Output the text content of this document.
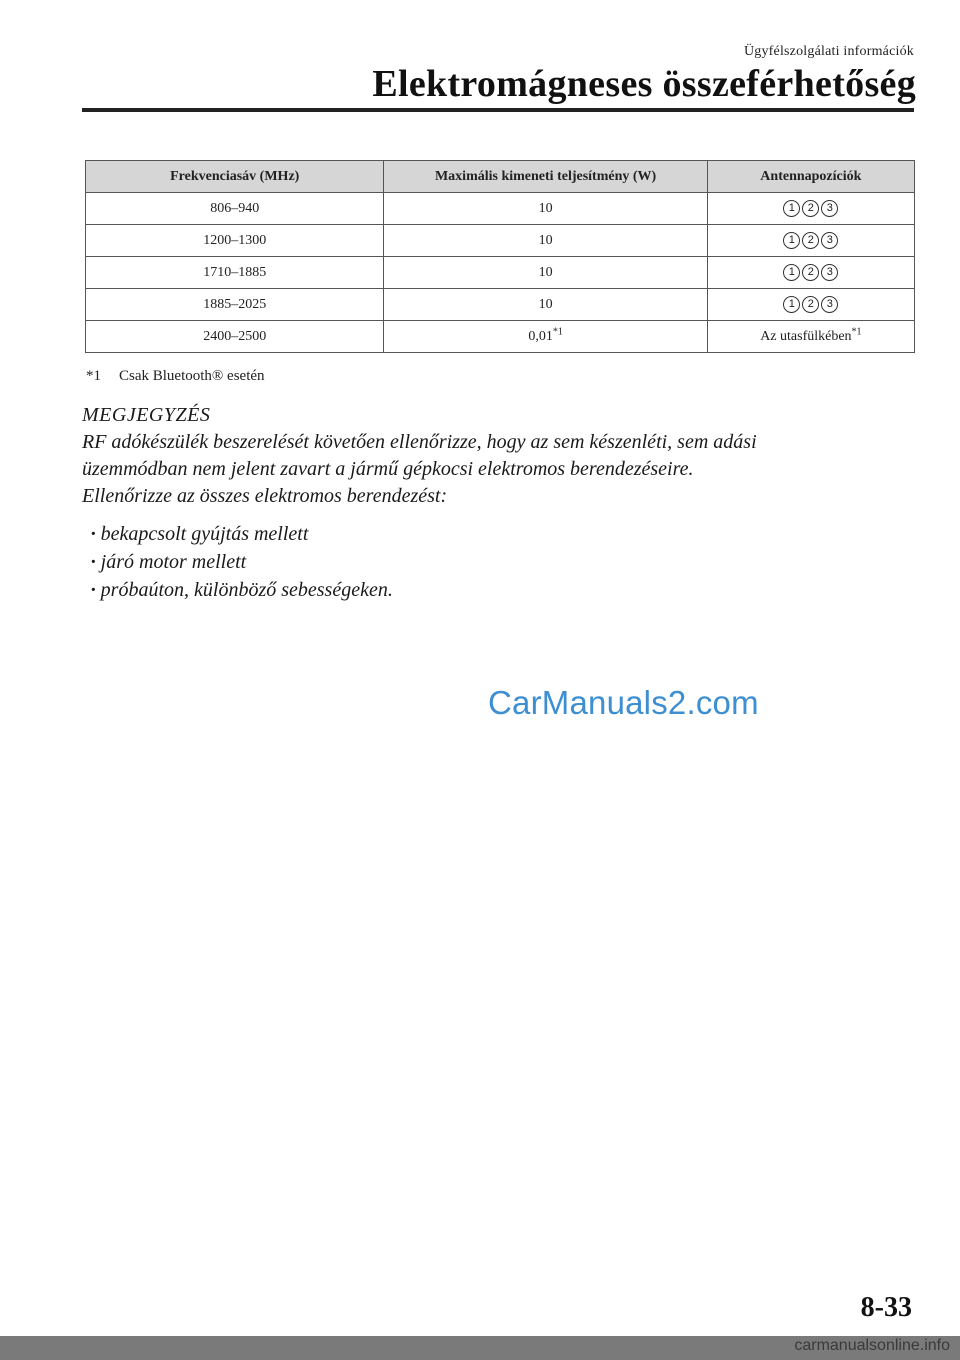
Ügyfélszolgálati információk
Elektromágneses összeférhetőség
Frekvenciasáv (MHz)	Maximális kimeneti teljesítmény (W)	Antennapozíciók
806–940	10	1 2 3
1200–1300	10	1 2 3
1710–1885	10	1 2 3
1885–2025	10	1 2 3
2400–2500	0,01$^{*1}$	Az utasfülkében$^{*1}$
*1 Csak Bluetooth® esetén
MEGJEGYZÉS
RF adókészülék beszerelését követően ellenőrizze, hogy az sem készenléti, sem adási
üzemmódban nem jelent zavart a jármű gépkocsi elektromos berendezéseire.
Ellenőrizze az összes elektromos berendezést:
· bekapcsolt gyújtás mellett
· járó motor mellett
· próbaúton, különböző sebességeken.
CarManuals2.com
8-33
carmanualsonline.info
